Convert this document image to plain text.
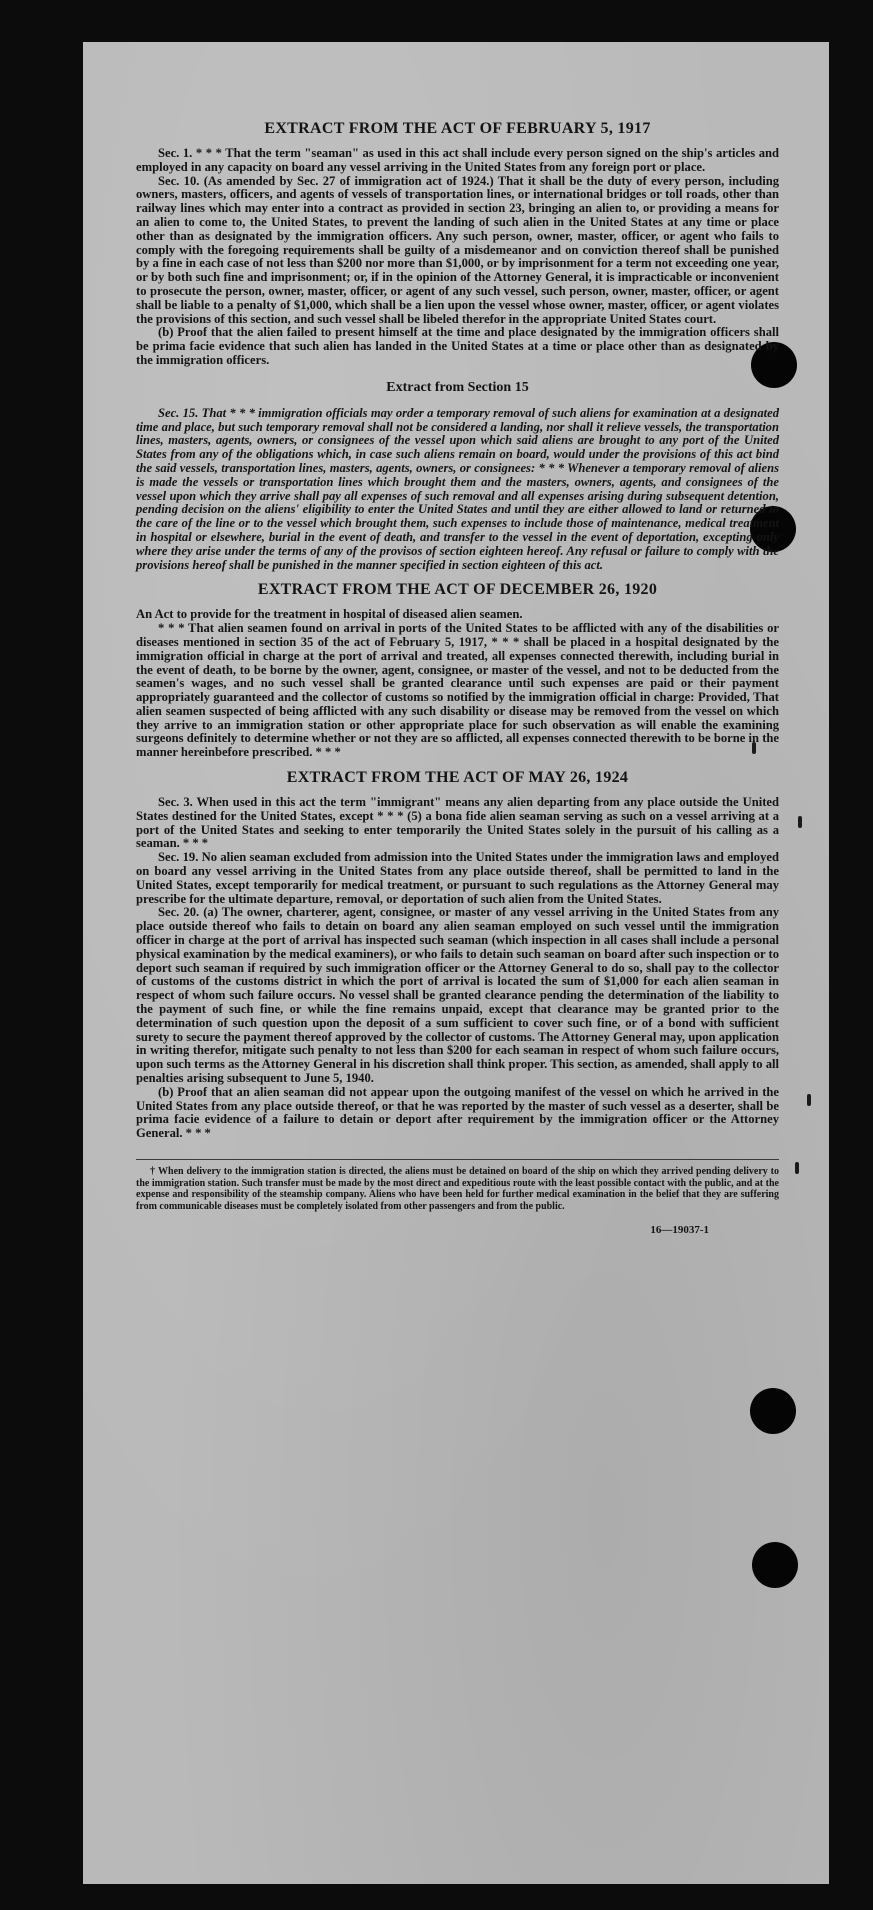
EXTRACT FROM THE ACT OF FEBRUARY 5, 1917

Sec. 1. * * * That the term "seaman" as used in this act shall include every person signed on the ship's articles and employed in any capacity on board any vessel arriving in the United States from any foreign port or place.

Sec. 10. (As amended by Sec. 27 of immigration act of 1924.) That it shall be the duty of every person, including owners, masters, officers, and agents of vessels of transportation lines, or international bridges or toll roads, other than railway lines which may enter into a contract as provided in section 23, bringing an alien to, or providing a means for an alien to come to, the United States, to prevent the landing of such alien in the United States at any time or place other than as designated by the immigration officers. Any such person, owner, master, officer, or agent who fails to comply with the foregoing requirements shall be guilty of a misdemeanor and on conviction thereof shall be punished by a fine in each case of not less than $200 nor more than $1,000, or by imprisonment for a term not exceeding one year, or by both such fine and imprisonment; or, if in the opinion of the Attorney General, it is impracticable or inconvenient to prosecute the person, owner, master, officer, or agent of any such vessel, such person, owner, master, officer, or agent shall be liable to a penalty of $1,000, which shall be a lien upon the vessel whose owner, master, officer, or agent violates the provisions of this section, and such vessel shall be libeled therefor in the appropriate United States court.

(b) Proof that the alien failed to present himself at the time and place designated by the immigration officers shall be prima facie evidence that such alien has landed in the United States at a time or place other than as designated by the immigration officers.

Extract from Section 15

Sec. 15. That * * * immigration officials may order a temporary removal of such aliens for examination at a designated time and place, but such temporary removal shall not be considered a landing, nor shall it relieve vessels, the transportation lines, masters, agents, owners, or consignees of the vessel upon which said aliens are brought to any port of the United States from any of the obligations which, in case such aliens remain on board, would under the provisions of this act bind the said vessels, transportation lines, masters, agents, owners, or consignees: * * * Whenever a temporary removal of aliens is made the vessels or transportation lines which brought them and the masters, owners, agents, and consignees of the vessel upon which they arrive shall pay all expenses of such removal and all expenses arising during subsequent detention, pending decision on the aliens' eligibility to enter the United States and until they are either allowed to land or returned to the care of the line or to the vessel which brought them, such expenses to include those of maintenance, medical treatment in hospital or elsewhere, burial in the event of death, and transfer to the vessel in the event of deportation, excepting only where they arise under the terms of any of the provisos of section eighteen hereof. Any refusal or failure to comply with the provisions hereof shall be punished in the manner specified in section eighteen of this act.

EXTRACT FROM THE ACT OF DECEMBER 26, 1920

An Act to provide for the treatment in hospital of diseased alien seamen.

* * * That alien seamen found on arrival in ports of the United States to be afflicted with any of the disabilities or diseases mentioned in section 35 of the act of February 5, 1917, * * * shall be placed in a hospital designated by the immigration official in charge at the port of arrival and treated, all expenses connected therewith, including burial in the event of death, to be borne by the owner, agent, consignee, or master of the vessel, and not to be deducted from the seamen's wages, and no such vessel shall be granted clearance until such expenses are paid or their payment appropriately guaranteed and the collector of customs so notified by the immigration official in charge: Provided, That alien seamen suspected of being afflicted with any such disability or disease may be removed from the vessel on which they arrive to an immigration station or other appropriate place for such observation as will enable the examining surgeons definitely to determine whether or not they are so afflicted, all expenses connected therewith to be borne in the manner hereinbefore prescribed. * * *

EXTRACT FROM THE ACT OF MAY 26, 1924

Sec. 3. When used in this act the term "immigrant" means any alien departing from any place outside the United States destined for the United States, except * * * (5) a bona fide alien seaman serving as such on a vessel arriving at a port of the United States and seeking to enter temporarily the United States solely in the pursuit of his calling as a seaman. * * *

Sec. 19. No alien seaman excluded from admission into the United States under the immigration laws and employed on board any vessel arriving in the United States from any place outside thereof, shall be permitted to land in the United States, except temporarily for medical treatment, or pursuant to such regulations as the Attorney General may prescribe for the ultimate departure, removal, or deportation of such alien from the United States.

Sec. 20. (a) The owner, charterer, agent, consignee, or master of any vessel arriving in the United States from any place outside thereof who fails to detain on board any alien seaman employed on such vessel until the immigration officer in charge at the port of arrival has inspected such seaman (which inspection in all cases shall include a personal physical examination by the medical examiners), or who fails to detain such seaman on board after such inspection or to deport such seaman if required by such immigration officer or the Attorney General to do so, shall pay to the collector of customs of the customs district in which the port of arrival is located the sum of $1,000 for each alien seaman in respect of whom such failure occurs. No vessel shall be granted clearance pending the determination of the liability to the payment of such fine, or while the fine remains unpaid, except that clearance may be granted prior to the determination of such question upon the deposit of a sum sufficient to cover such fine, or of a bond with sufficient surety to secure the payment thereof approved by the collector of customs. The Attorney General may, upon application in writing therefor, mitigate such penalty to not less than $200 for each seaman in respect of whom such failure occurs, upon such terms as the Attorney General in his discretion shall think proper. This section, as amended, shall apply to all penalties arising subsequent to June 5, 1940.

(b) Proof that an alien seaman did not appear upon the outgoing manifest of the vessel on which he arrived in the United States from any place outside thereof, or that he was reported by the master of such vessel as a deserter, shall be prima facie evidence of a failure to detain or deport after requirement by the immigration officer or the Attorney General. * * *

† When delivery to the immigration station is directed, the aliens must be detained on board of the ship on which they arrived pending delivery to the immigration station. Such transfer must be made by the most direct and expeditious route with the least possible contact with the public, and at the expense and responsibility of the steamship company. Aliens who have been held for further medical examination in the belief that they are suffering from communicable diseases must be completely isolated from other passengers and from the public.
16—19037-1
